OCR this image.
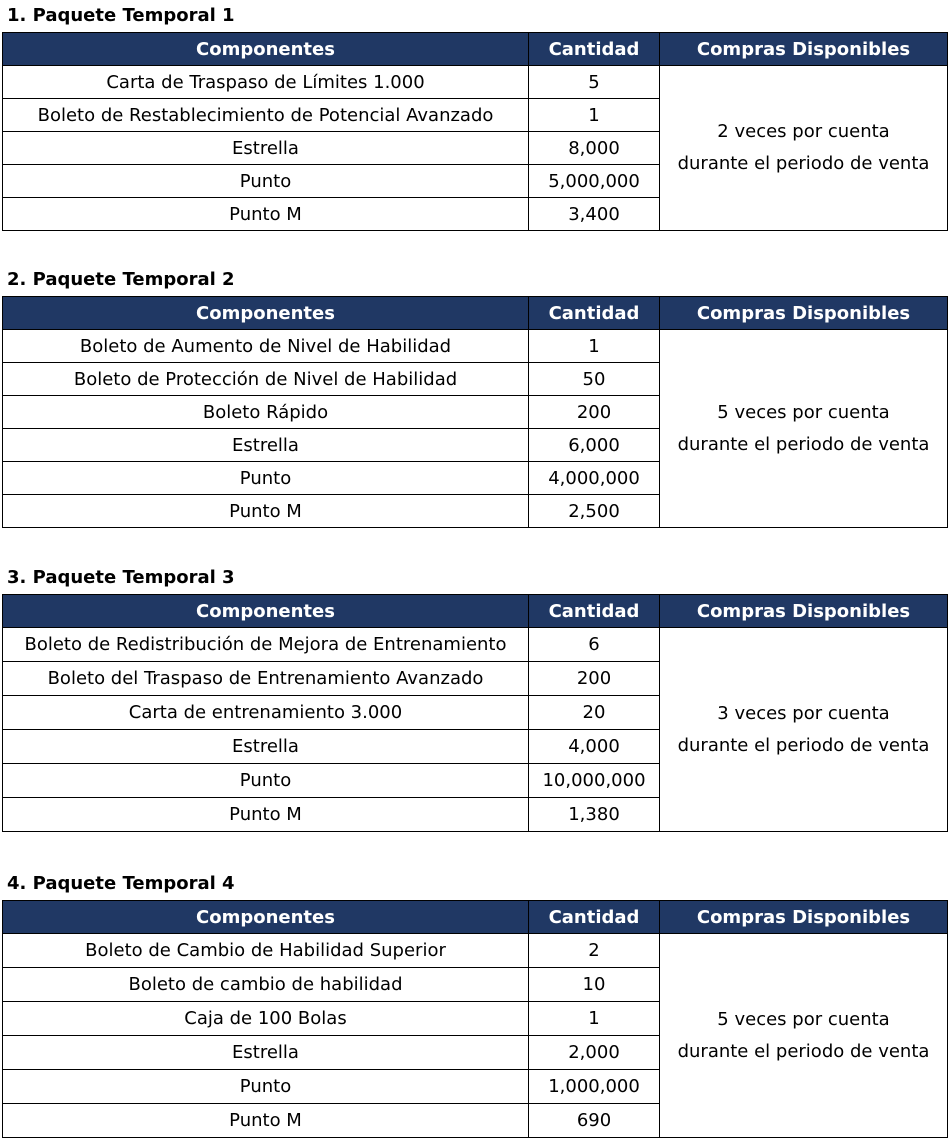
1. Paquete Temporal 1
Componentes	Cantidad	Compras Disponibles
Carta de Traspaso de Límites 1.000	5	2 veces por cuenta
durante el periodo de venta

Boleto de Restablecimiento de Potencial Avanzado	1	
Estrella	8,000	
Punto	5,000,000	
Punto M	3,400	
2. Paquete Temporal 2
Componentes	Cantidad	Compras Disponibles
Boleto de Aumento de Nivel de Habilidad	1	5 veces por cuenta
durante el periodo de venta

Boleto de Protección de Nivel de Habilidad	50	
Boleto Rápido	200	
Estrella	6,000	
Punto	4,000,000	
Punto M	2,500	
3. Paquete Temporal 3
Componentes	Cantidad	Compras Disponibles
Boleto de Redistribución de Mejora de Entrenamiento	6	3 veces por cuenta
durante el periodo de venta

Boleto del Traspaso de Entrenamiento Avanzado	200	
Carta de entrenamiento 3.000	20	
Estrella	4,000	
Punto	10,000,000	
Punto M	1,380	
4. Paquete Temporal 4
Componentes	Cantidad	Compras Disponibles
Boleto de Cambio de Habilidad Superior	2	5 veces por cuenta
durante el periodo de venta

Boleto de cambio de habilidad	10	
Caja de 100 Bolas	1	
Estrella	2,000	
Punto	1,000,000	
Punto M	690	
